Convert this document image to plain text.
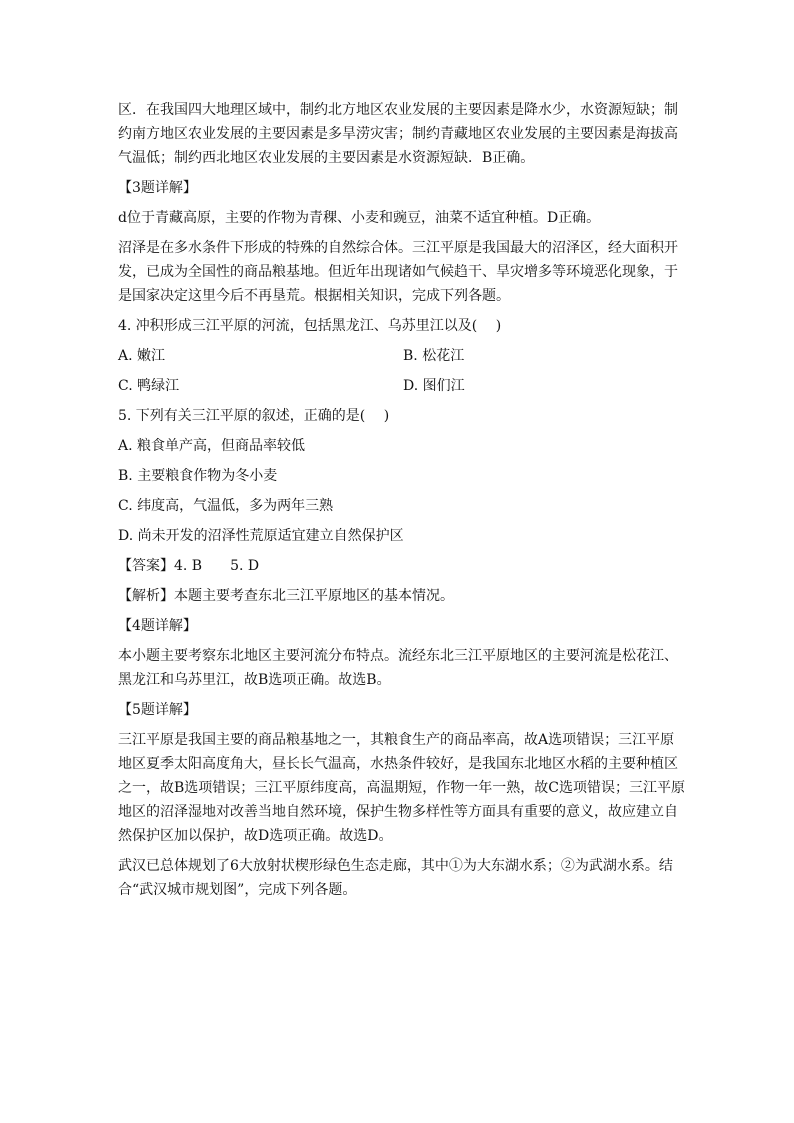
区．在我国四大地理区域中，制约北方地区农业发展的主要因素是降水少，水资源短缺；制约南方地区农业发展的主要因素是多旱涝灾害；制约青藏地区农业发展的主要因素是海拔高气温低；制约西北地区农业发展的主要因素是水资源短缺．B正确。

【3题详解】

d位于青藏高原，主要的作物为青稞、小麦和豌豆，油菜不适宜种植。D正确。

沼泽是在多水条件下形成的特殊的自然综合体。三江平原是我国最大的沼泽区，经大面积开发，已成为全国性的商品粮基地。但近年出现诸如气候趋干、旱灾增多等环境恶化现象，于是国家决定这里今后不再垦荒。根据相关知识，完成下列各题。

4. 冲积形成三江平原的河流，包括黑龙江、乌苏里江以及(　 )

A. 嫩江	B. 松花江
C. 鸭绿江	D. 图们江

5. 下列有关三江平原的叙述，正确的是(　 )

A. 粮食单产高，但商品率较低

B. 主要粮食作物为冬小麦

C. 纬度高，气温低，多为两年三熟

D. 尚未开发的沼泽性荒原适宜建立自然保护区

【答案】4. B　　5. D

【解析】本题主要考查东北三江平原地区的基本情况。

【4题详解】

本小题主要考察东北地区主要河流分布特点。流经东北三江平原地区的主要河流是松花江、黑龙江和乌苏里江，故B选项正确。故选B。

【5题详解】

三江平原是我国主要的商品粮基地之一，其粮食生产的商品率高，故A选项错误；三江平原地区夏季太阳高度角大，昼长长气温高，水热条件较好，是我国东北地区水稻的主要种植区之一，故B选项错误；三江平原纬度高，高温期短，作物一年一熟，故C选项错误；三江平原地区的沼泽湿地对改善当地自然环境，保护生物多样性等方面具有重要的意义，故应建立自然保护区加以保护，故D选项正确。故选D。

武汉已总体规划了6大放射状楔形绿色生态走廊，其中①为大东湖水系；②为武湖水系。结合“武汉城市规划图”，完成下列各题。
